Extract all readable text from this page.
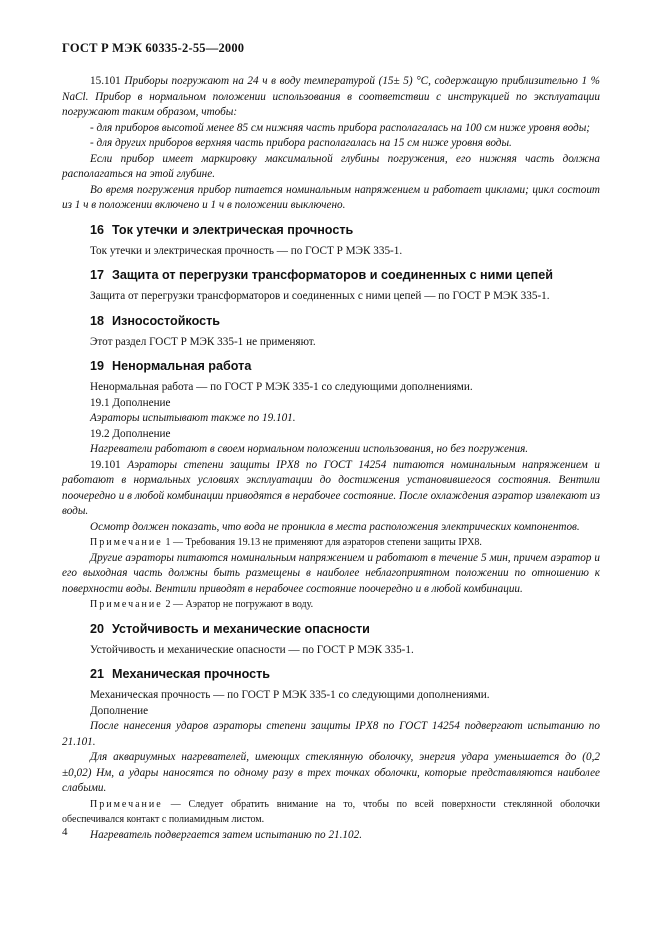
ГОСТ Р МЭК 60335-2-55—2000

15.101 Приборы погружают на 24 ч в воду температурой (15± 5) °С, содержащую приблизительно 1 % NaCl. Прибор в нормальном положении использования в соответствии с инструкцией по эксплуатации погружают таким образом, чтобы:

- для приборов высотой менее 85 см нижняя часть прибора располагалась на 100 см ниже уровня воды;

- для других приборов верхняя часть прибора располагалась на 15 см ниже уровня воды.

Если прибор имеет маркировку максимальной глубины погружения, его нижняя часть должна располагаться на этой глубине.

Во время погружения прибор питается номинальным напряжением и работает циклами; цикл состоит из 1 ч в положении включено и 1 ч в положении выключено.

16 Ток утечки и электрическая прочность

Ток утечки и электрическая прочность — по ГОСТ Р МЭК 335-1.

17 Защита от перегрузки трансформаторов и соединенных с ними цепей

Защита от перегрузки трансформаторов и соединенных с ними цепей — по ГОСТ Р МЭК 335-1.

18 Износостойкость

Этот раздел ГОСТ Р МЭК 335-1 не применяют.

19 Ненормальная работа

Ненормальная работа — по ГОСТ Р МЭК 335-1 со следующими дополнениями.

19.1 Дополнение

Аэраторы испытывают также по 19.101.

19.2 Дополнение

Нагреватели работают в своем нормальном положении использования, но без погружения.

19.101 Аэраторы степени защиты IPX8 по ГОСТ 14254 питаются номинальным напряжением и работают в нормальных условиях эксплуатации до достижения установившегося состояния. Вентили поочередно и в любой комбинации приводятся в нерабочее состояние. После охлаждения аэратор извлекают из воды.

Осмотр должен показать, что вода не проникла в места расположения электрических компонентов.

Примечание 1 — Требования 19.13 не применяют для аэраторов степени защиты IPX8.

Другие аэраторы питаются номинальным напряжением и работают в течение 5 мин, причем аэратор и его выходная часть должны быть размещены в наиболее неблагоприятном положении по отношению к поверхности воды. Вентили приводят в нерабочее состояние поочередно и в любой комбинации.

Примечание 2 — Аэратор не погружают в воду.

20 Устойчивость и механические опасности

Устойчивость и механические опасности — по ГОСТ Р МЭК 335-1.

21 Механическая прочность

Механическая прочность — по ГОСТ Р МЭК 335-1 со следующими дополнениями.

Дополнение

После нанесения ударов аэраторы степени защиты IPX8 по ГОСТ 14254 подвергают испытанию по 21.101.

Для аквариумных нагревателей, имеющих стеклянную оболочку, энергия удара уменьшается до (0,2 ±0,02) Нм, а удары наносятся по одному разу в трех точках оболочки, которые представляются наиболее слабыми.

Примечание — Следует обратить внимание на то, чтобы по всей поверхности стеклянной оболочки обеспечивался контакт с полиамидным листом.

Нагреватель подвергается затем испытанию по 21.102.

4
